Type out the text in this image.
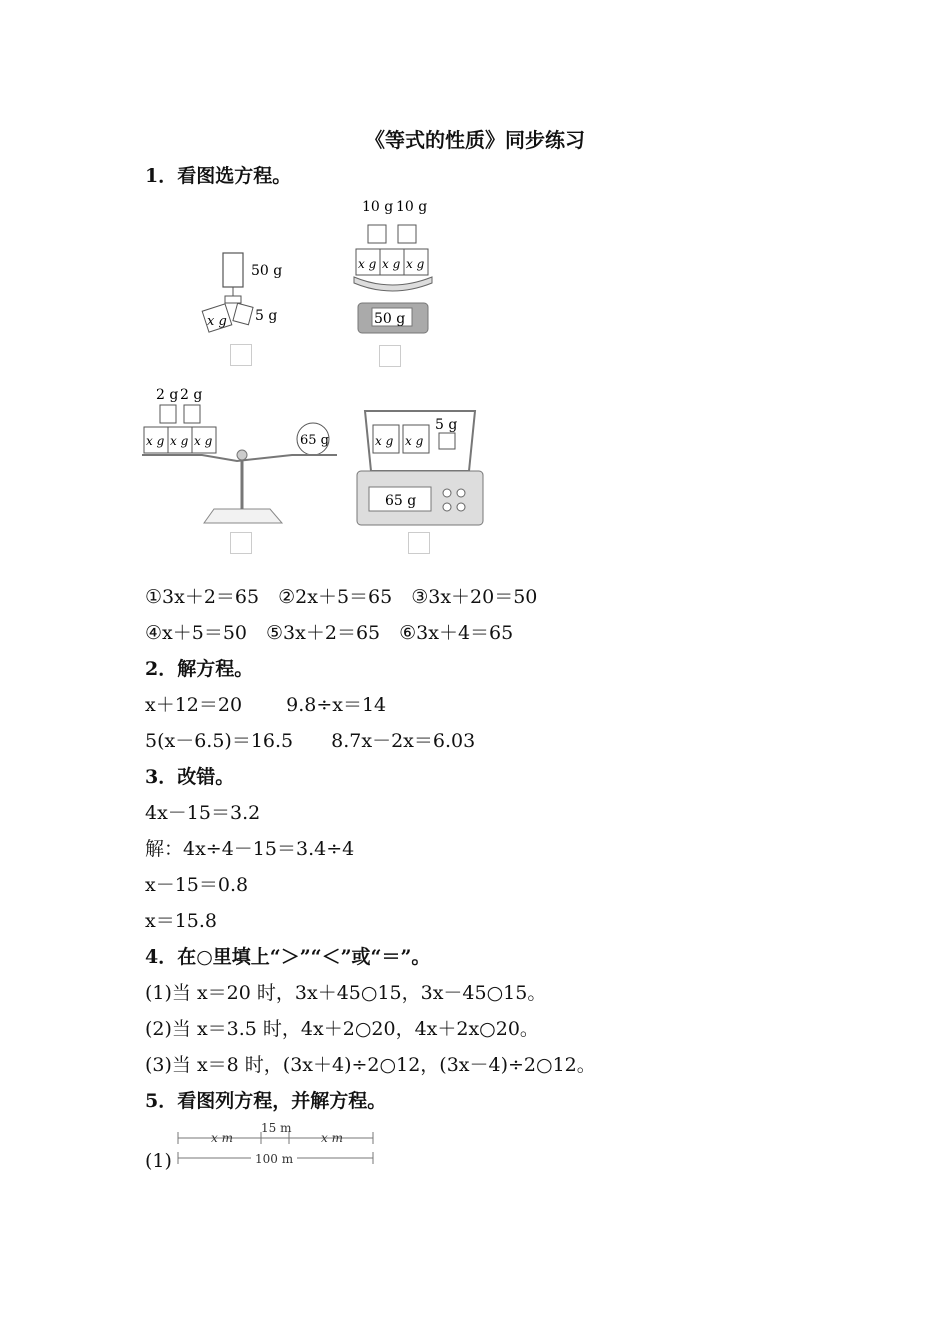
《等式的性质》同步练习
1．看图选方程。
50 g
x g 5 g
10 g 10 g
x g x g x g
50 g
2 g 2 g
x g x g x g	65 g
5 g
x g x g
65 g
①3x＋2＝65　②2x＋5＝65　③3x＋20＝50
④x＋5＝50　⑤3x＋2＝65　⑥3x＋4＝65
2．解方程。
x＋12＝20　　 9.8÷x＝14
5(x－6.5)＝16.5　　8.7x－2x＝6.03
3．改错。
4x－15＝3.2
解：4x÷4－15＝3.4÷4
x－15＝0.8
x＝15.8
4．在○里填上“＞”“＜”或“＝”。
(1)当 x＝20 时，3x＋45○15，3x－45○15。
(2)当 x＝3.5 时，4x＋2○20，4x＋2x○20。
(3)当 x＝8 时，(3x＋4)÷2○12，(3x－4)÷2○12。
5．看图列方程，并解方程。
(1)
x m
15 m
x m
100 m
